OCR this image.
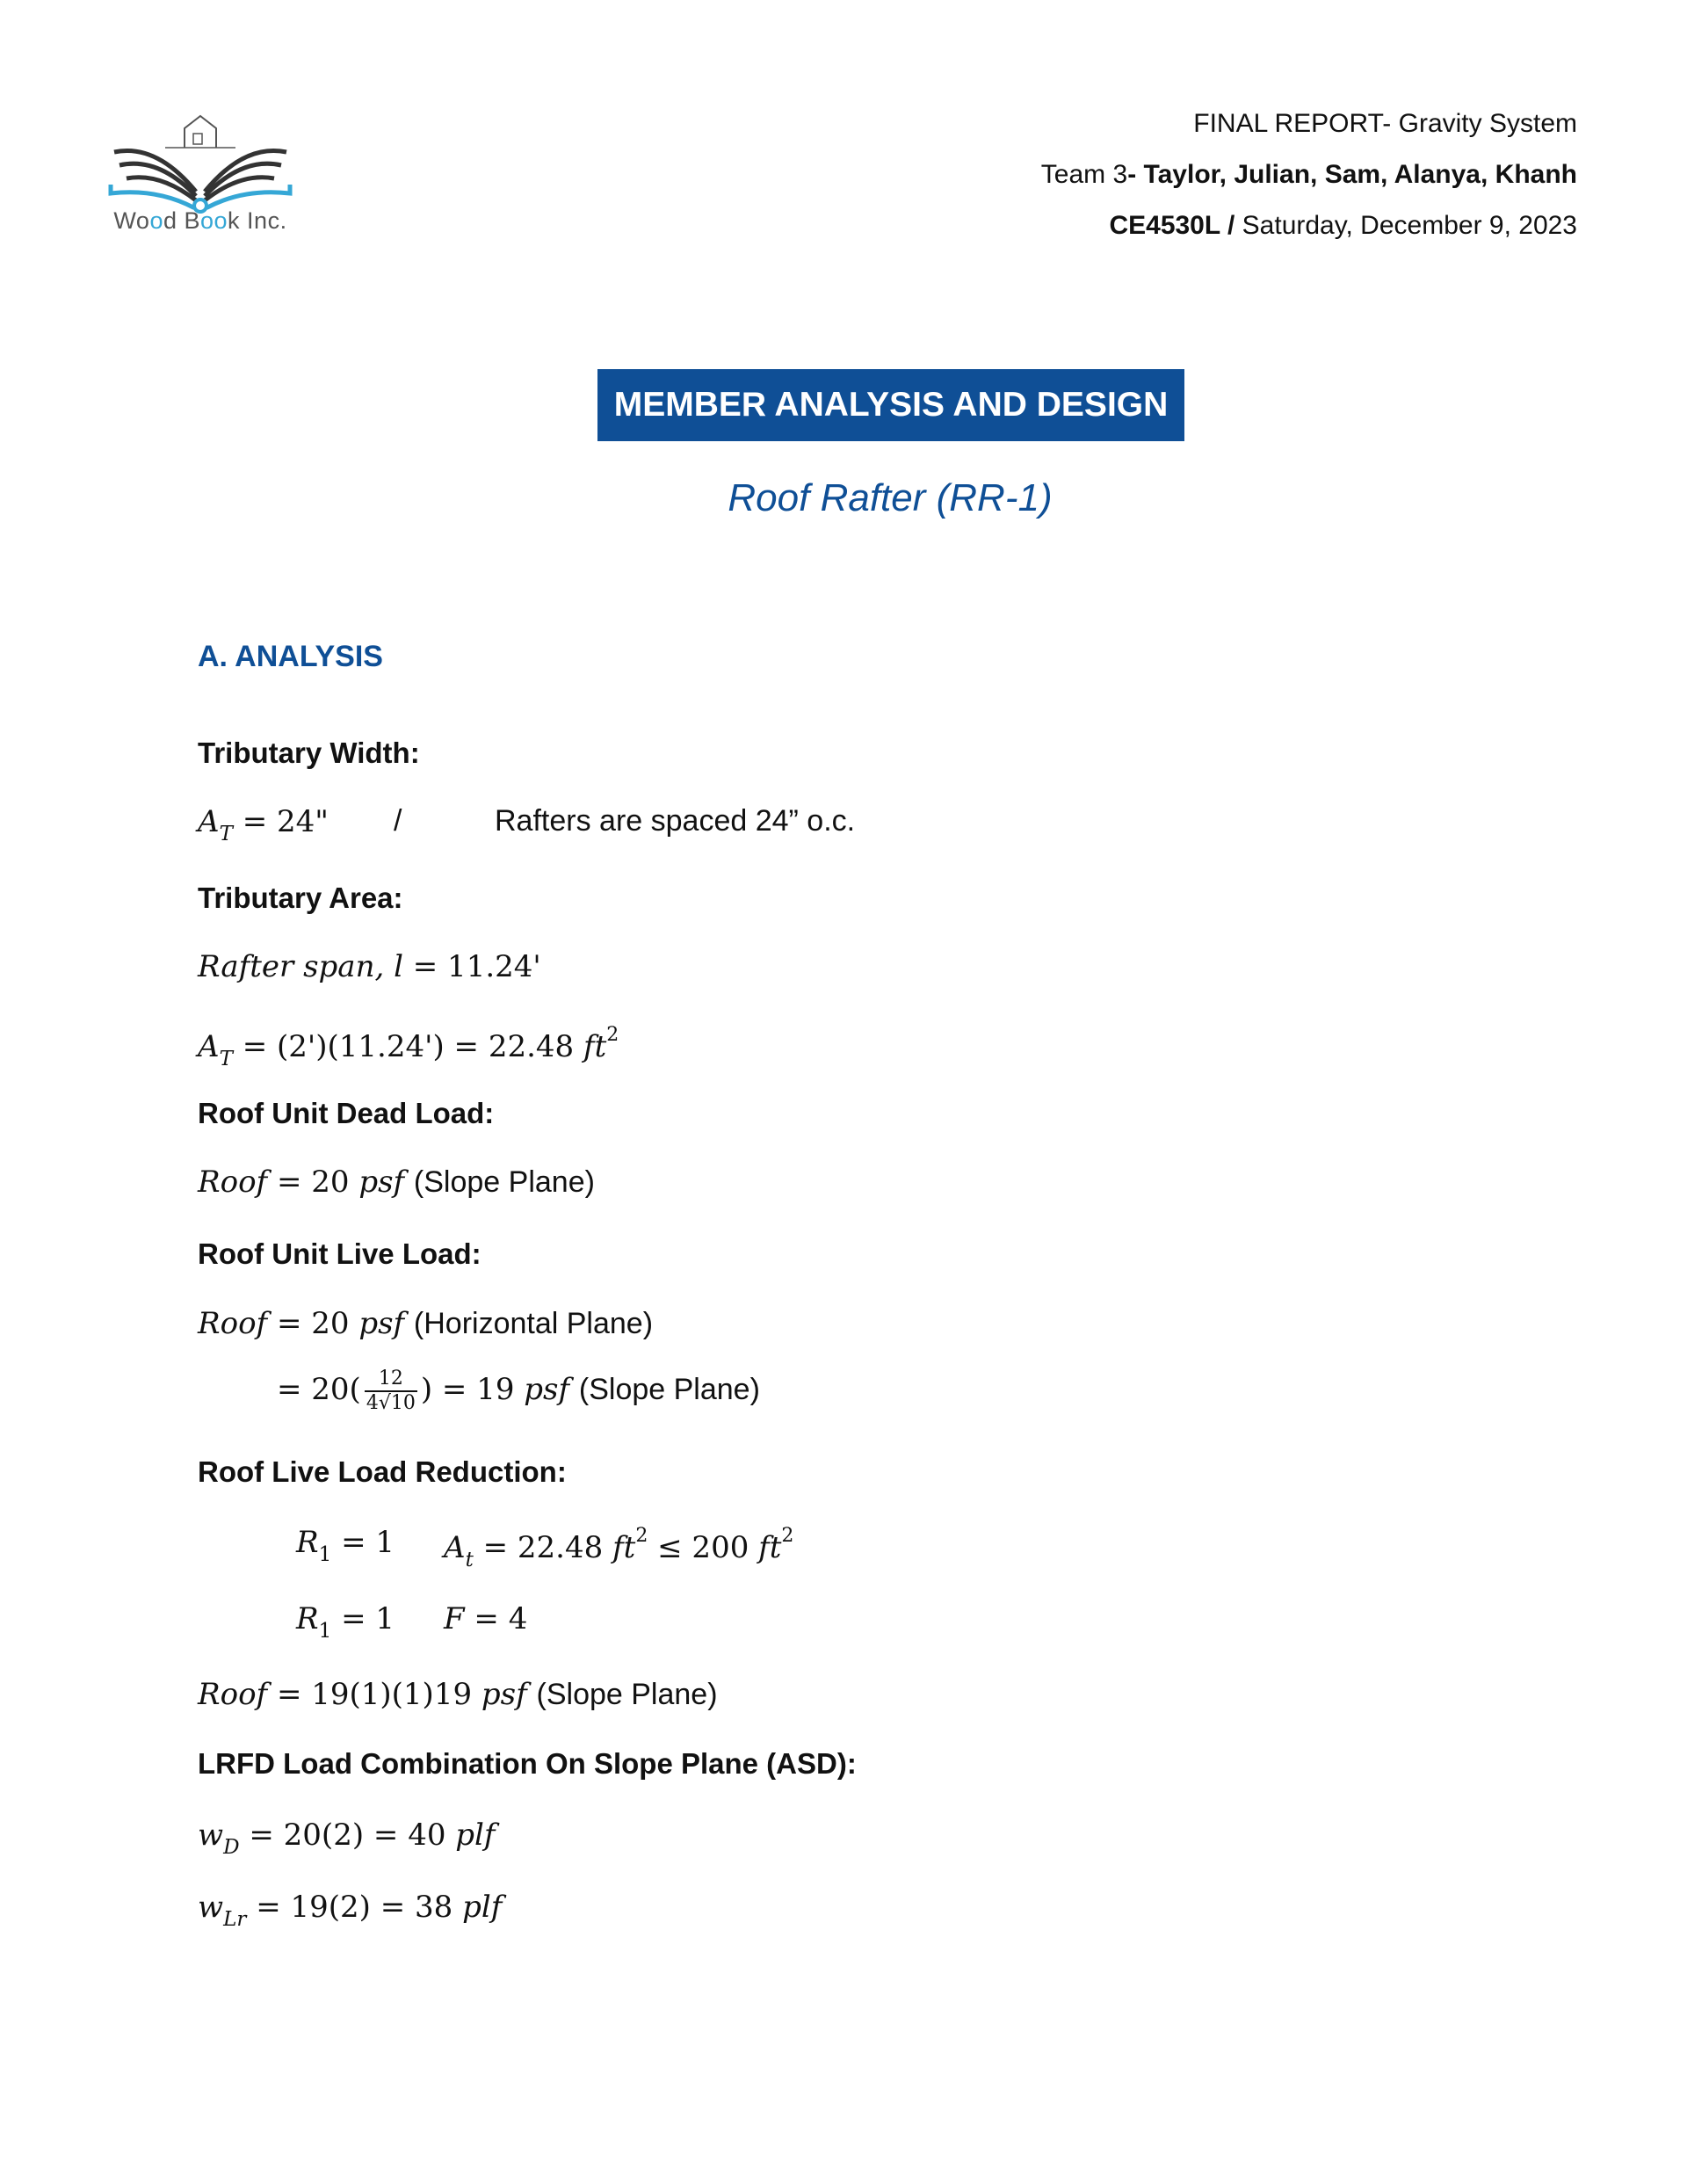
Wood Book Inc.
FINAL REPORT- Gravity System
Team 3- Taylor, Julian, Sam, Alanya, Khanh
CE4530L / Saturday, December 9, 2023
MEMBER ANALYSIS AND DESIGN
Roof Rafter (RR-1)
A. ANALYSIS
Tributary Width:
$A_T = 24$" /	Rafters are spaced 24” o.c.
Tributary Area:
Rafter span, l = 11.24'
$A_T = (2')(11.24') = 22.48$ $ft^2$
Roof Unit Dead Load:
Roof = 20 psf (Slope Plane)
Roof Unit Live Load:
Roof = 20 psf (Horizontal Plane)
= $20( \frac{12}{4√10}$ ) = 19 psf (Slope Plane)
Roof Live Load Reduction:
$R_1 = 1$ $A_t = 22.48$ $ft^2 \le 200$ $ft^2$
$R_1 = 1$ F = 4
Roof = 19(1)(1)19 psf (Slope Plane)
LRFD Load Combination On Slope Plane (ASD):
$w_D = 20(2) = 40$ plf
$w_{Lr} = 19(2) = 38$ plf
